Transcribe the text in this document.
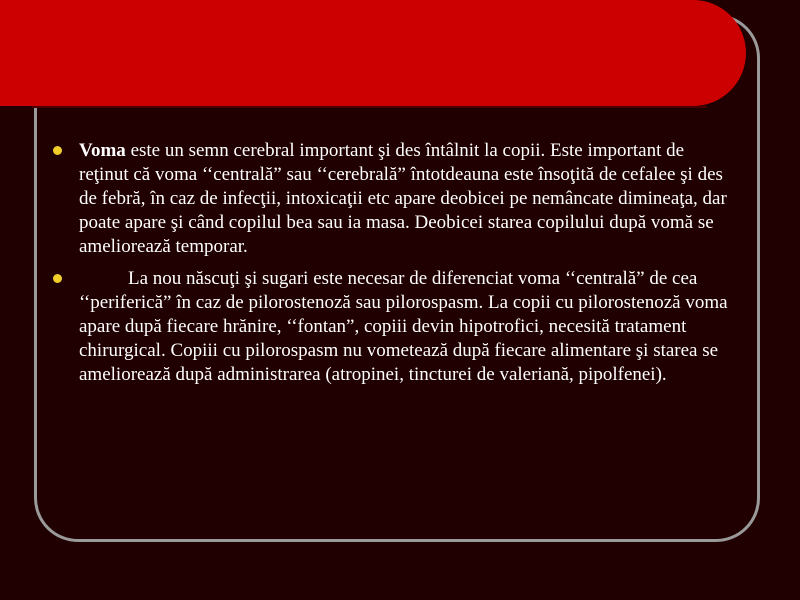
Voma este un semn cerebral important şi des întâlnit la copii. Este important de reţinut că voma ‘‘centrală” sau ‘‘cerebrală” întotdeauna este însoţită de cefalee şi des de febră, în caz de infecţii, intoxicaţii etc apare deobicei pe nemâncate dimineaţa, dar poate apare şi când copilul bea sau ia masa. Deobicei starea copilului după vomă se ameliorează temporar.
La nou născuţi şi sugari este necesar de diferenciat voma ‘‘centrală” de cea ‘‘periferică” în caz de pilorostenoză sau pilorospasm. La copii cu pilorostenoză voma apare după fiecare hrănire, ‘‘fontan”, copiii devin hipotrofici, necesită tratament chirurgical. Copiii cu pilorospasm nu vometează după fiecare alimentare şi starea se ameliorează după administrarea (atropinei, tincturei de valeriană, pipolfenei).
